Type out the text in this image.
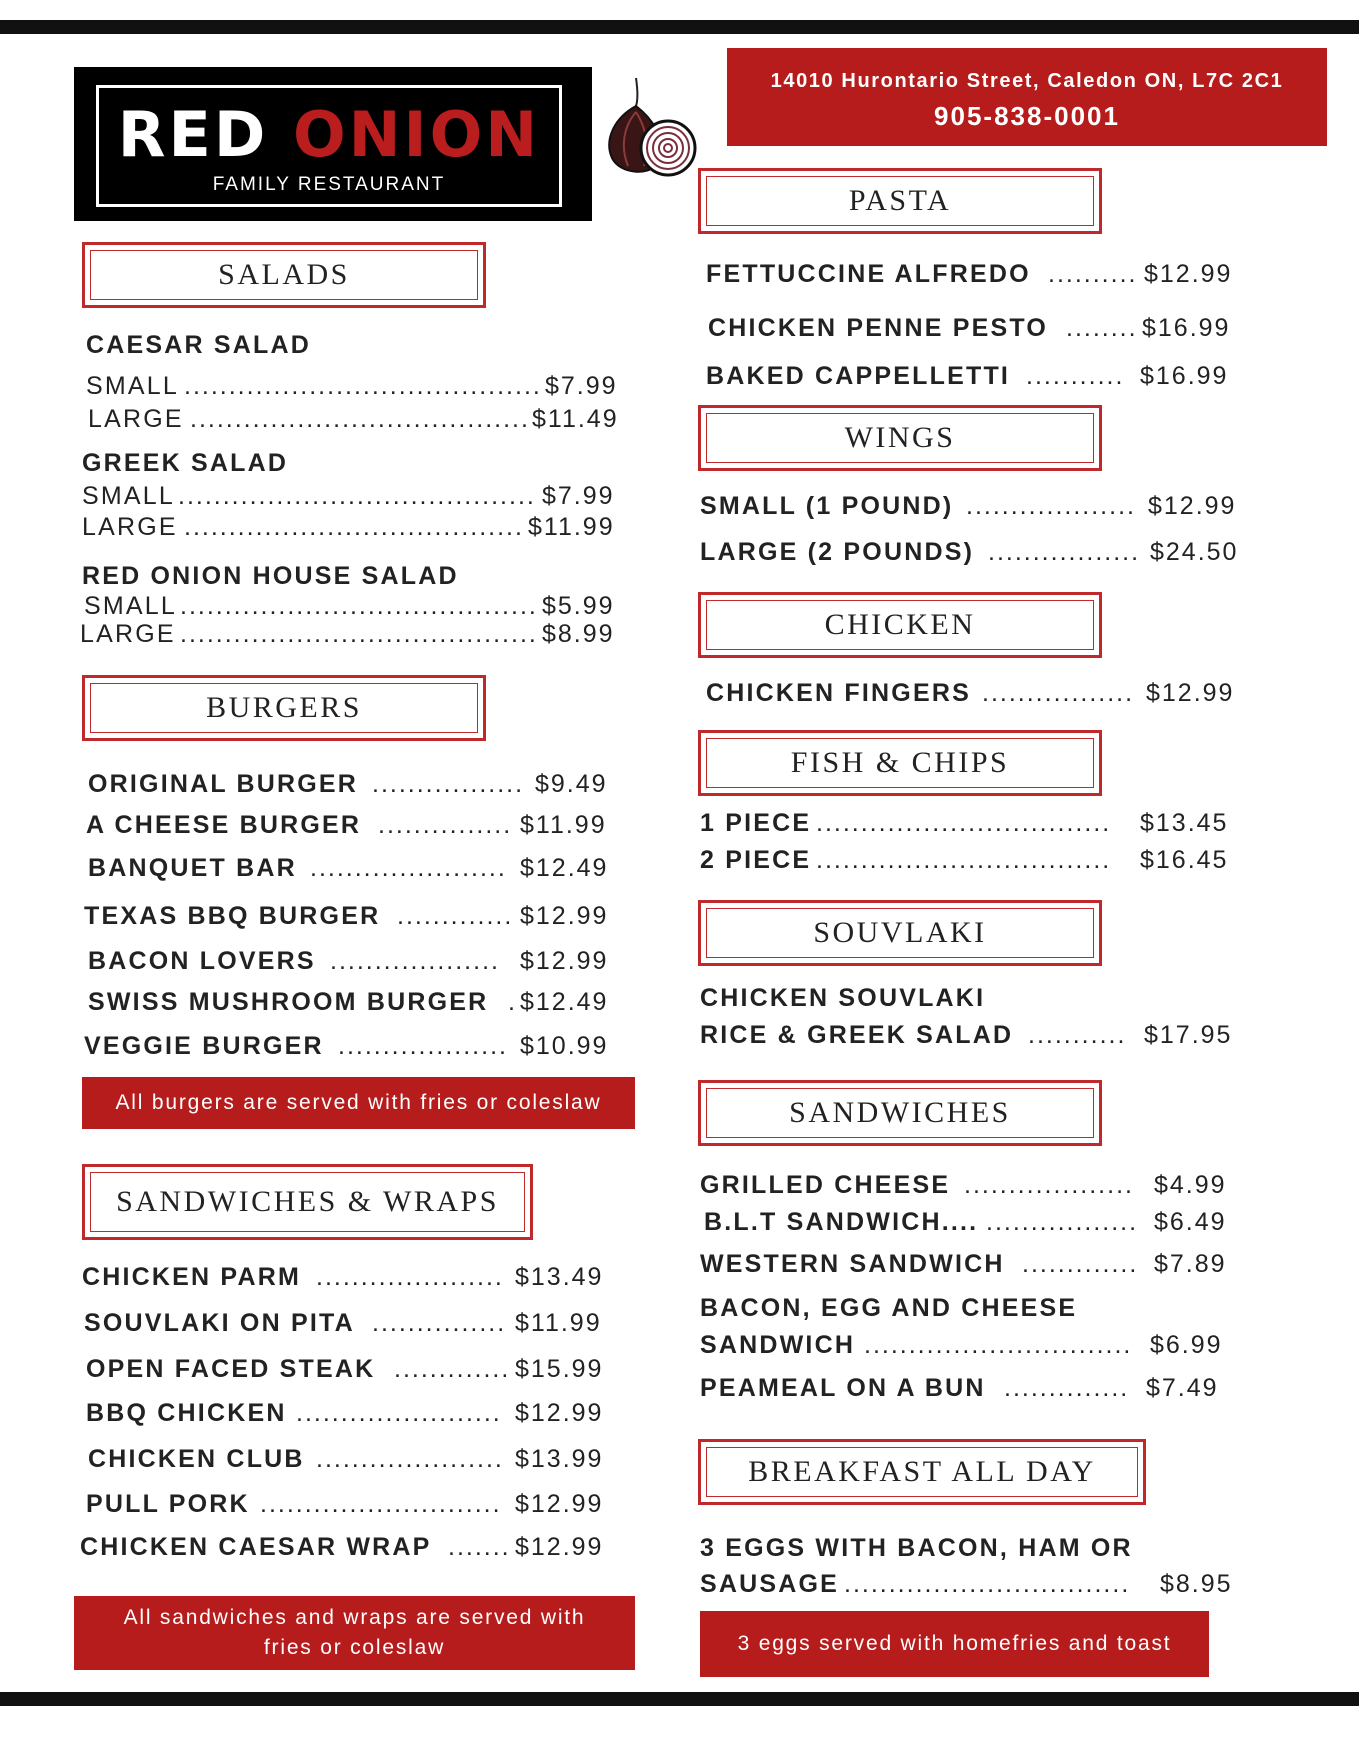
RED ONION
FAMILY RESTAURANT
14010 Hurontario Street, Caledon ON, L7C 2C1
905-838-0001
SALADS
CAESAR SALAD
SMALL ........................................ $7.99
LARGE ...................................... $11.49
GREEK SALAD
SMALL ........................................ $7.99
LARGE ...................................... $11.99
RED ONION HOUSE SALAD
SMALL ........................................ $5.99
LARGE ........................................ $8.99
BURGERS
ORIGINAL BURGER ................. $9.49
A CHEESE BURGER ............... $11.99
BANQUET BAR ...................... $12.49
TEXAS BBQ BURGER ............. $12.99
BACON LOVERS ................... $12.99
SWISS MUSHROOM BURGER . $12.49
VEGGIE BURGER ................... $10.99
All burgers are served with fries or coleslaw
SANDWICHES & WRAPS
CHICKEN PARM ..................... $13.49
SOUVLAKI ON PITA ............... $11.99
OPEN FACED STEAK ............. $15.99
BBQ CHICKEN ....................... $12.99
CHICKEN CLUB ..................... $13.99
PULL PORK ........................... $12.99
CHICKEN CAESAR WRAP ....... $12.99
All sandwiches and wraps are served with
fries or coleslaw
PASTA
FETTUCCINE ALFREDO .......... $12.99
CHICKEN PENNE PESTO ........ $16.99
BAKED CAPPELLETTI ........... $16.99
WINGS
SMALL (1 POUND) ................... $12.99
LARGE (2 POUNDS) ................. $24.50
CHICKEN
CHICKEN FINGERS ................. $12.99
FISH & CHIPS
1 PIECE ................................. $13.45
2 PIECE ................................. $16.45
SOUVLAKI
CHICKEN SOUVLAKI
RICE & GREEK SALAD ........... $17.95
SANDWICHES
GRILLED CHEESE ................... $4.99
B.L.T SANDWICH.... ................. $6.49
WESTERN SANDWICH ............. $7.89
BACON, EGG AND CHEESE
SANDWICH .............................. $6.99
PEAMEAL ON A BUN .............. $7.49
BREAKFAST ALL DAY
3 EGGS WITH BACON, HAM OR
SAUSAGE ................................ $8.95
3 eggs served with homefries and toast
